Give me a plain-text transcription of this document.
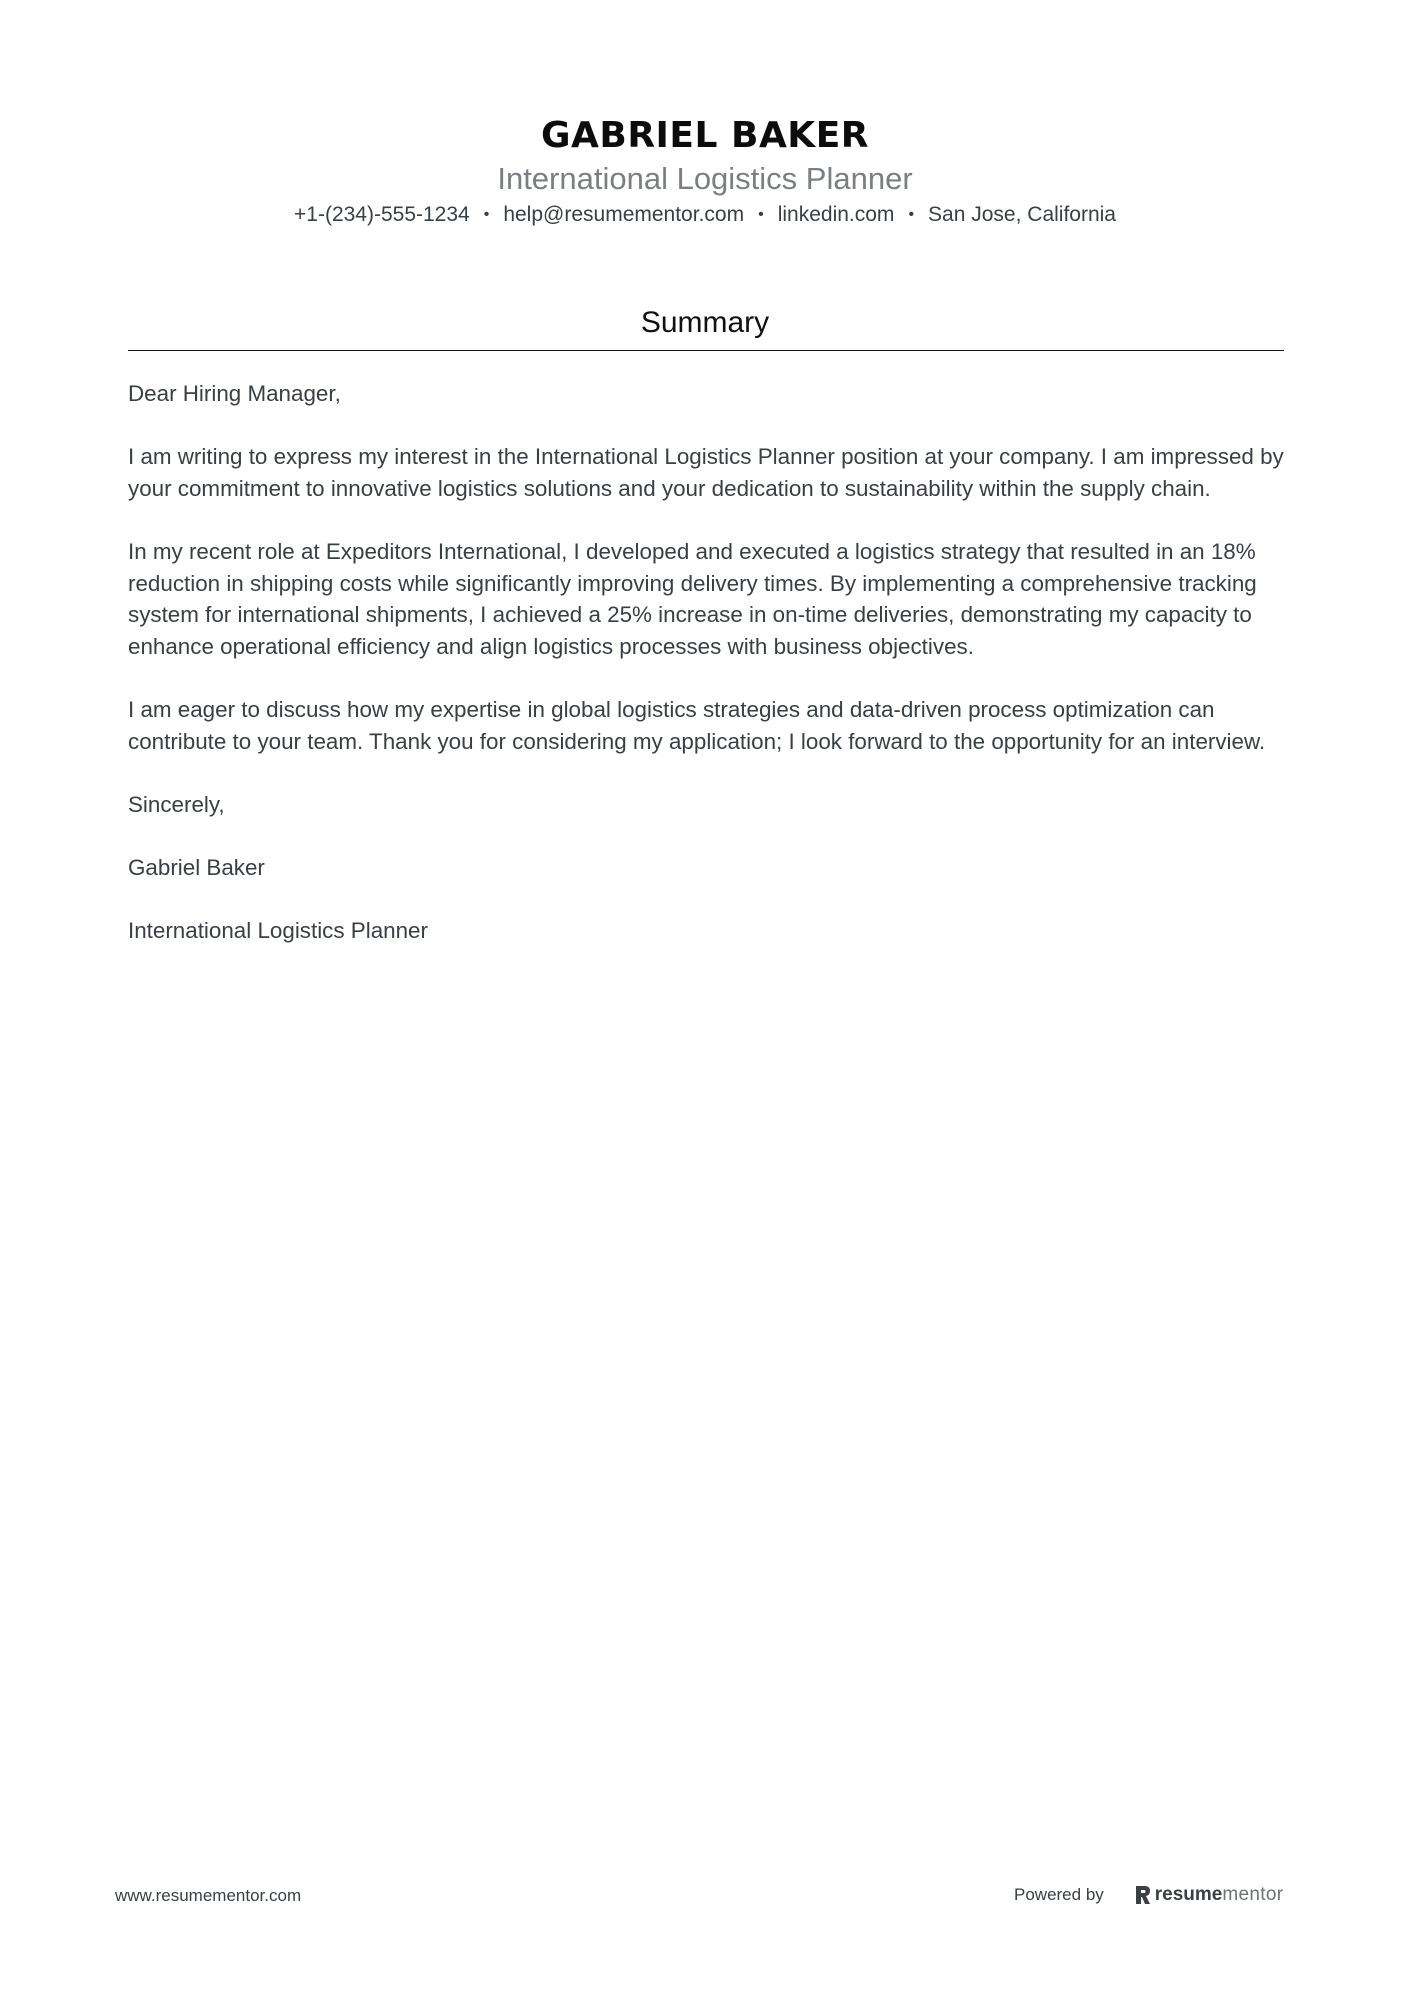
GABRIEL BAKER
International Logistics Planner
+1-(234)-555-1234 • help@resumementor.com • linkedin.com • San Jose, California
Summary

Dear Hiring Manager,

I am writing to express my interest in the International Logistics Planner position at your company. I am impressed by your commitment to innovative logistics solutions and your dedication to sustainability within the supply chain.

In my recent role at Expeditors International, I developed and executed a logistics strategy that resulted in an 18% reduction in shipping costs while significantly improving delivery times. By implementing a comprehensive tracking system for international shipments, I achieved a 25% increase in on-time deliveries, demonstrating my capacity to enhance operational efficiency and align logistics processes with business objectives.

I am eager to discuss how my expertise in global logistics strategies and data-driven process optimization can contribute to your team. Thank you for considering my application; I look forward to the opportunity for an interview.

Sincerely,

Gabriel Baker

International Logistics Planner

www.resumementor.com	Powered by	resume mentor
